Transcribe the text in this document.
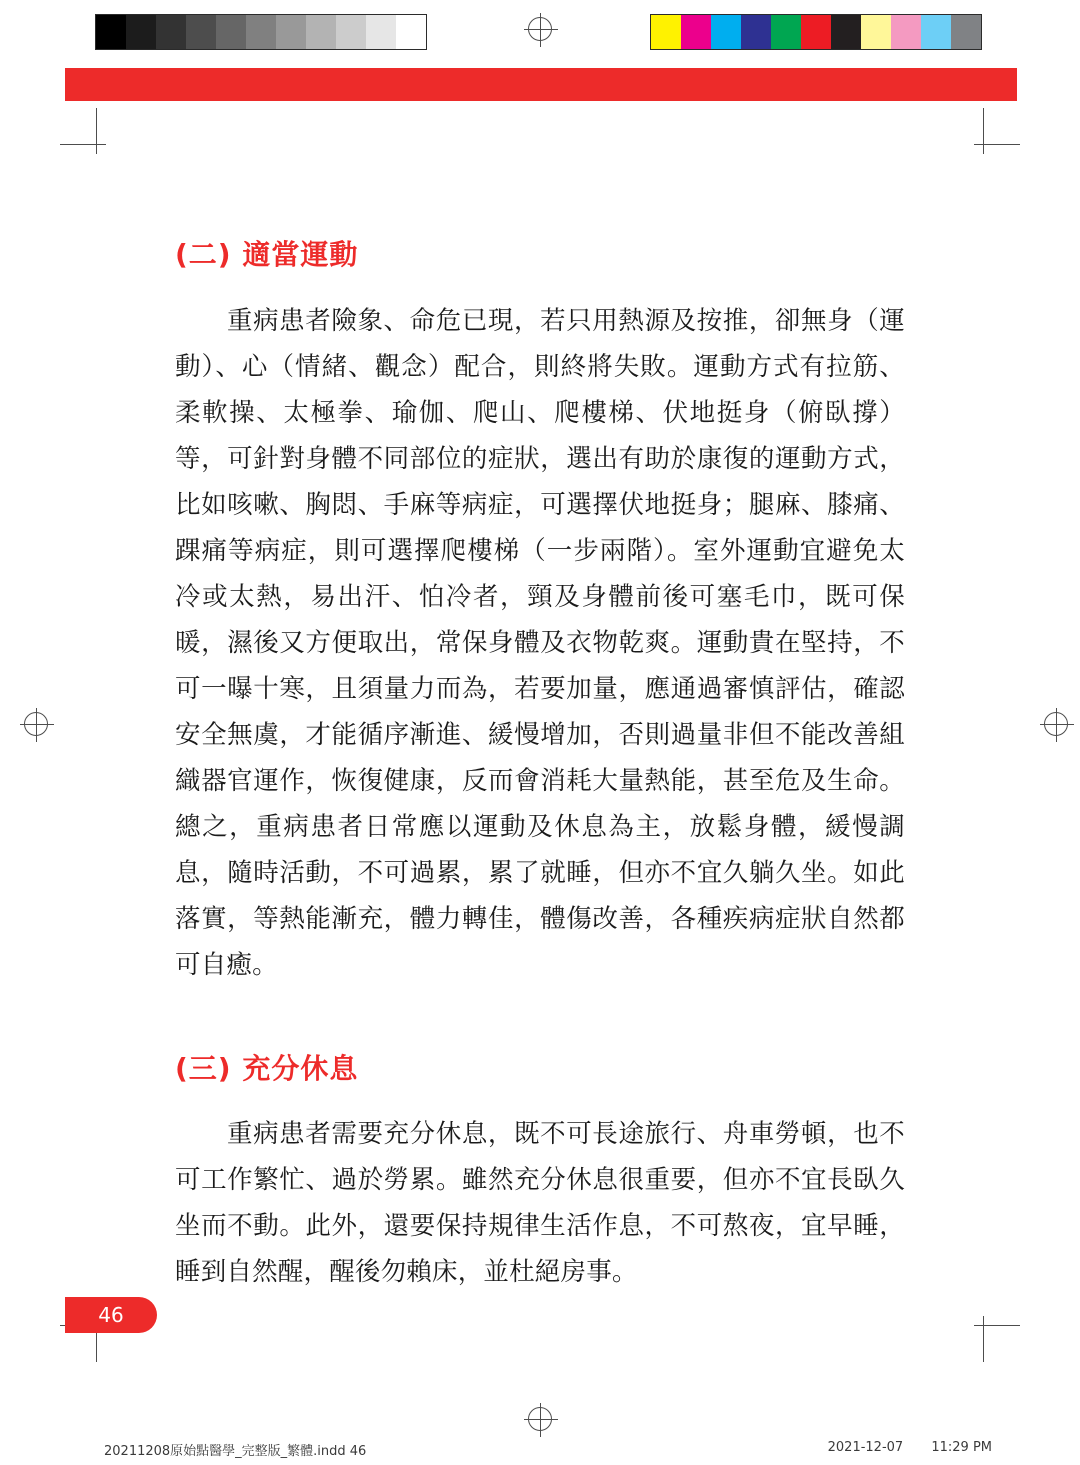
(二) 適當運動

重病患者險象、命危已現，若只用熱源及按推，卻無身（運動）、心（情緒、觀念）配合，則終將失敗。運動方式有拉筋、柔軟操、太極拳、瑜伽、爬山、爬樓梯、伏地挺身（俯臥撐）等，可針對身體不同部位的症狀，選出有助於康復的運動方式，比如咳嗽、胸悶、手麻等病症，可選擇伏地挺身；腿麻、膝痛、踝痛等病症，則可選擇爬樓梯（一步兩階）。室外運動宜避免太冷或太熱，易出汗、怕冷者，頸及身體前後可塞毛巾，既可保暖，濕後又方便取出，常保身體及衣物乾爽。運動貴在堅持，不可一曝十寒，且須量力而為，若要加量，應通過審慎評估，確認安全無虞，才能循序漸進、緩慢增加，否則過量非但不能改善組織器官運作，恢復健康，反而會消耗大量熱能，甚至危及生命。總之，重病患者日常應以運動及休息為主，放鬆身體，緩慢調息，隨時活動，不可過累，累了就睡，但亦不宜久躺久坐。如此落實，等熱能漸充，體力轉佳，體傷改善，各種疾病症狀自然都可自癒。

(三) 充分休息

重病患者需要充分休息，既不可長途旅行、舟車勞頓，也不可工作繁忙、過於勞累。雖然充分休息很重要，但亦不宜長臥久坐而不動。此外，還要保持規律生活作息，不可熬夜，宜早睡，睡到自然醒，醒後勿賴床，並杜絕房事。

46
20211208原始點醫學_完整版_繁體.indd 46	2021-12-07 11:29 PM
